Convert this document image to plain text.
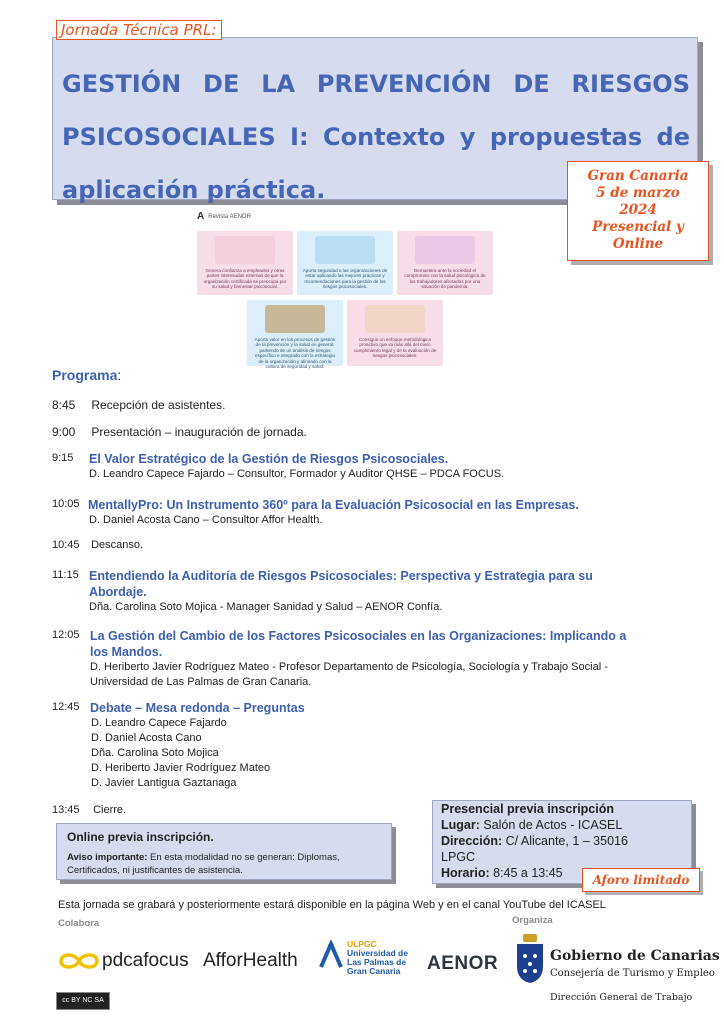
Jornada Técnica PRL:
GESTIÓN DE LA PREVENCIÓN DE RIESGOS PSICOSOCIALES I: Contexto y propuestas de aplicación práctica.	Gran Canaria
5 de marzo
2024
Presencial y
Online
A Revista AENOR
Genera confianza a empleados y otras partes interesadas externas de que la organización certificada se preocupa por su salud y bienestar psicosocial.
Aporta seguridad a las organizaciones de estar aplicando las mejores prácticas y recomendaciones para la gestión de los riesgos psicosociales.
Demuestra ante la sociedad el compromiso con la salud psicológica de los trabajadores afectados por una situación de pandemia.
Aporta valor en los procesos de gestión de la prevención y la salud en general, partiendo de un análisis de riesgos específico e integrado con la estrategia de la organización y alineado con la cultura de seguridad y salud.
Consigue un enfoque metodológico proactivo que va más allá del mero cumplimiento legal y de la evaluación de riesgos psicosociales.
Programa:
8:45 Recepción de asistentes.
9:00 Presentación – inauguración de jornada.
9:15 El Valor Estratégico de la Gestión de Riesgos Psicosociales.
D. Leandro Capece Fajardo – Consultor, Formador y Auditor QHSE – PDCA FOCUS.
10:05 MentallyPro: Un Instrumento 360º para la Evaluación Psicosocial en las Empresas.
D. Daniel Acosta Cano – Consultor Affor Health.
10:45 Descanso.
11:15 Entendiendo la Auditoría de Riesgos Psicosociales: Perspectiva y Estrategia para su
Abordaje.
Dña. Carolina Soto Mojica - Manager Sanidad y Salud – AENOR Confía.
12:05 La Gestión del Cambio de los Factores Psicosociales en las Organizaciones: Implicando a
los Mandos.
D. Heriberto Javier Rodríguez Mateo - Profesor Departamento de Psicología, Sociología y Trabajo Social -
Universidad de Las Palmas de Gran Canaria.
12:45 Debate – Mesa redonda – Preguntas
D. Leandro Capece Fajardo
D. Daniel Acosta Cano
Dña. Carolina Soto Mojica
D. Heriberto Javier Rodríguez Mateo
D. Javier Lantigua Gaztanaga
13:45 Cierre.
Online previa inscripción.
Aviso importante: En esta modalidad no se generan: Diplomas, Certificados, ni justificantes de asistencia.
Presencial previa inscripción
Lugar: Salón de Actos - ICASEL
Dirección: C/ Alicante, 1 – 35016
LPGC
Horario: 8:45 a 13:45	Aforo limitado
Esta jornada se grabará y posteriormente estará disponible en la página Web y en el canal YouTube del ICASEL
Colabora	Organiza
pdcafocus AfforHealth
ULPGC
Universidad de
Las Palmas de
Gran Canaria	AENOR	Gobierno de Canarias
Consejería de Turismo y Empleo
Dirección General de Trabajo
cc BY NC SA
